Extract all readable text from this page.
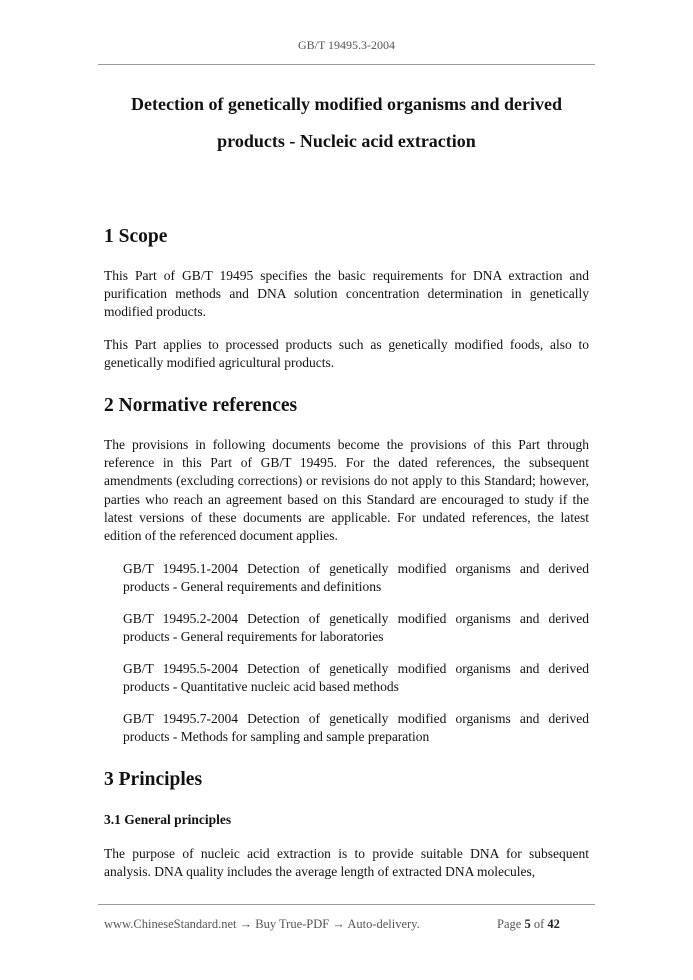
GB/T 19495.3-2004
Detection of genetically modified organisms and derived
products - Nucleic acid extraction
1 Scope

This Part of GB/T 19495 specifies the basic requirements for DNA extraction and purification methods and DNA solution concentration determination in genetically modified products.

This Part applies to processed products such as genetically modified foods, also to genetically modified agricultural products.

2 Normative references

The provisions in following documents become the provisions of this Part through reference in this Part of GB/T 19495. For the dated references, the subsequent amendments (excluding corrections) or revisions do not apply to this Standard; however, parties who reach an agreement based on this Standard are encouraged to study if the latest versions of these documents are applicable. For undated references, the latest edition of the referenced document applies.

GB/T 19495.1-2004 Detection of genetically modified organisms and derived products - General requirements and definitions

GB/T 19495.2-2004 Detection of genetically modified organisms and derived products - General requirements for laboratories

GB/T 19495.5-2004 Detection of genetically modified organisms and derived products - Quantitative nucleic acid based methods

GB/T 19495.7-2004 Detection of genetically modified organisms and derived products - Methods for sampling and sample preparation

3 Principles
3.1 General principles

The purpose of nucleic acid extraction is to provide suitable DNA for subsequent analysis. DNA quality includes the average length of extracted DNA molecules,

www.ChineseStandard.net → Buy True-PDF → Auto-delivery.	Page 5 of 42
